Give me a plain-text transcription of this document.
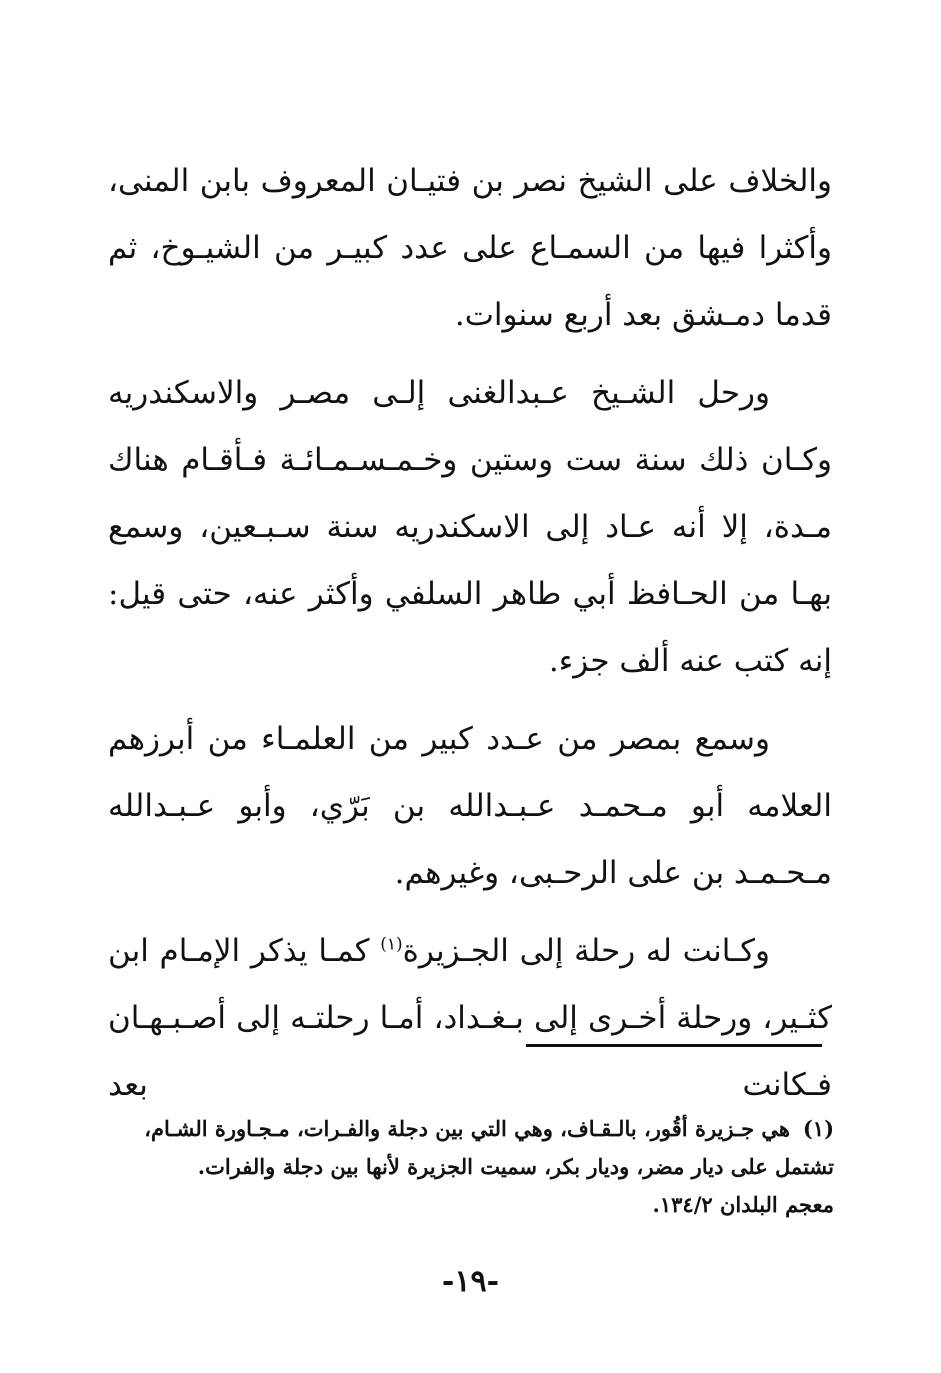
والخلاف على الشيخ نصر بن فتيـان المعروف بابن المنى، وأكثرا فيها من السمـاع على عدد كبيـر من الشيـوخ، ثم قدما دمـشق بعد أربع سنوات.

ورحل الشـيخ عـبدالغنى إلـى مصـر والاسكندريه وكـان ذلك سنة ست وستين وخـمـسـمـائـة فـأقـام هناك مـدة، إلا أنه عـاد إلى الاسكندريه سنة سـبـعين، وسمع بهـا من الحـافظ أبي طاهر السلفي وأكثر عنه، حتى قيل: إنه كتب عنه ألف جزء.

وسمع بمصر من عـدد كبير من العلمـاء من أبرزهم العلامه أبو مـحمـد عـبـدالله بن بَرّي، وأبو عـبـدالله مـحـمـد بن على الرحـبى، وغيرهم.

وكـانت له رحلة إلى الجـزيرة$^{(١)}$ كمـا يذكر الإمـام ابن كثـير، ورحلة أخـرى إلى بـغـداد، أمـا رحلتـه إلى أصـبـهـان فـكانت بعد

(١)هي جـزيرة أقُور، بالـقـاف، وهي التي بين دجلة والفـرات، مـجـاورة الشـام،
تشتمل على ديار مضر، وديار بكر، سميت الجزيرة لأنها بين دجلة والفرات.
معجم البلدان ١٣٤/٢.
-١٩-
